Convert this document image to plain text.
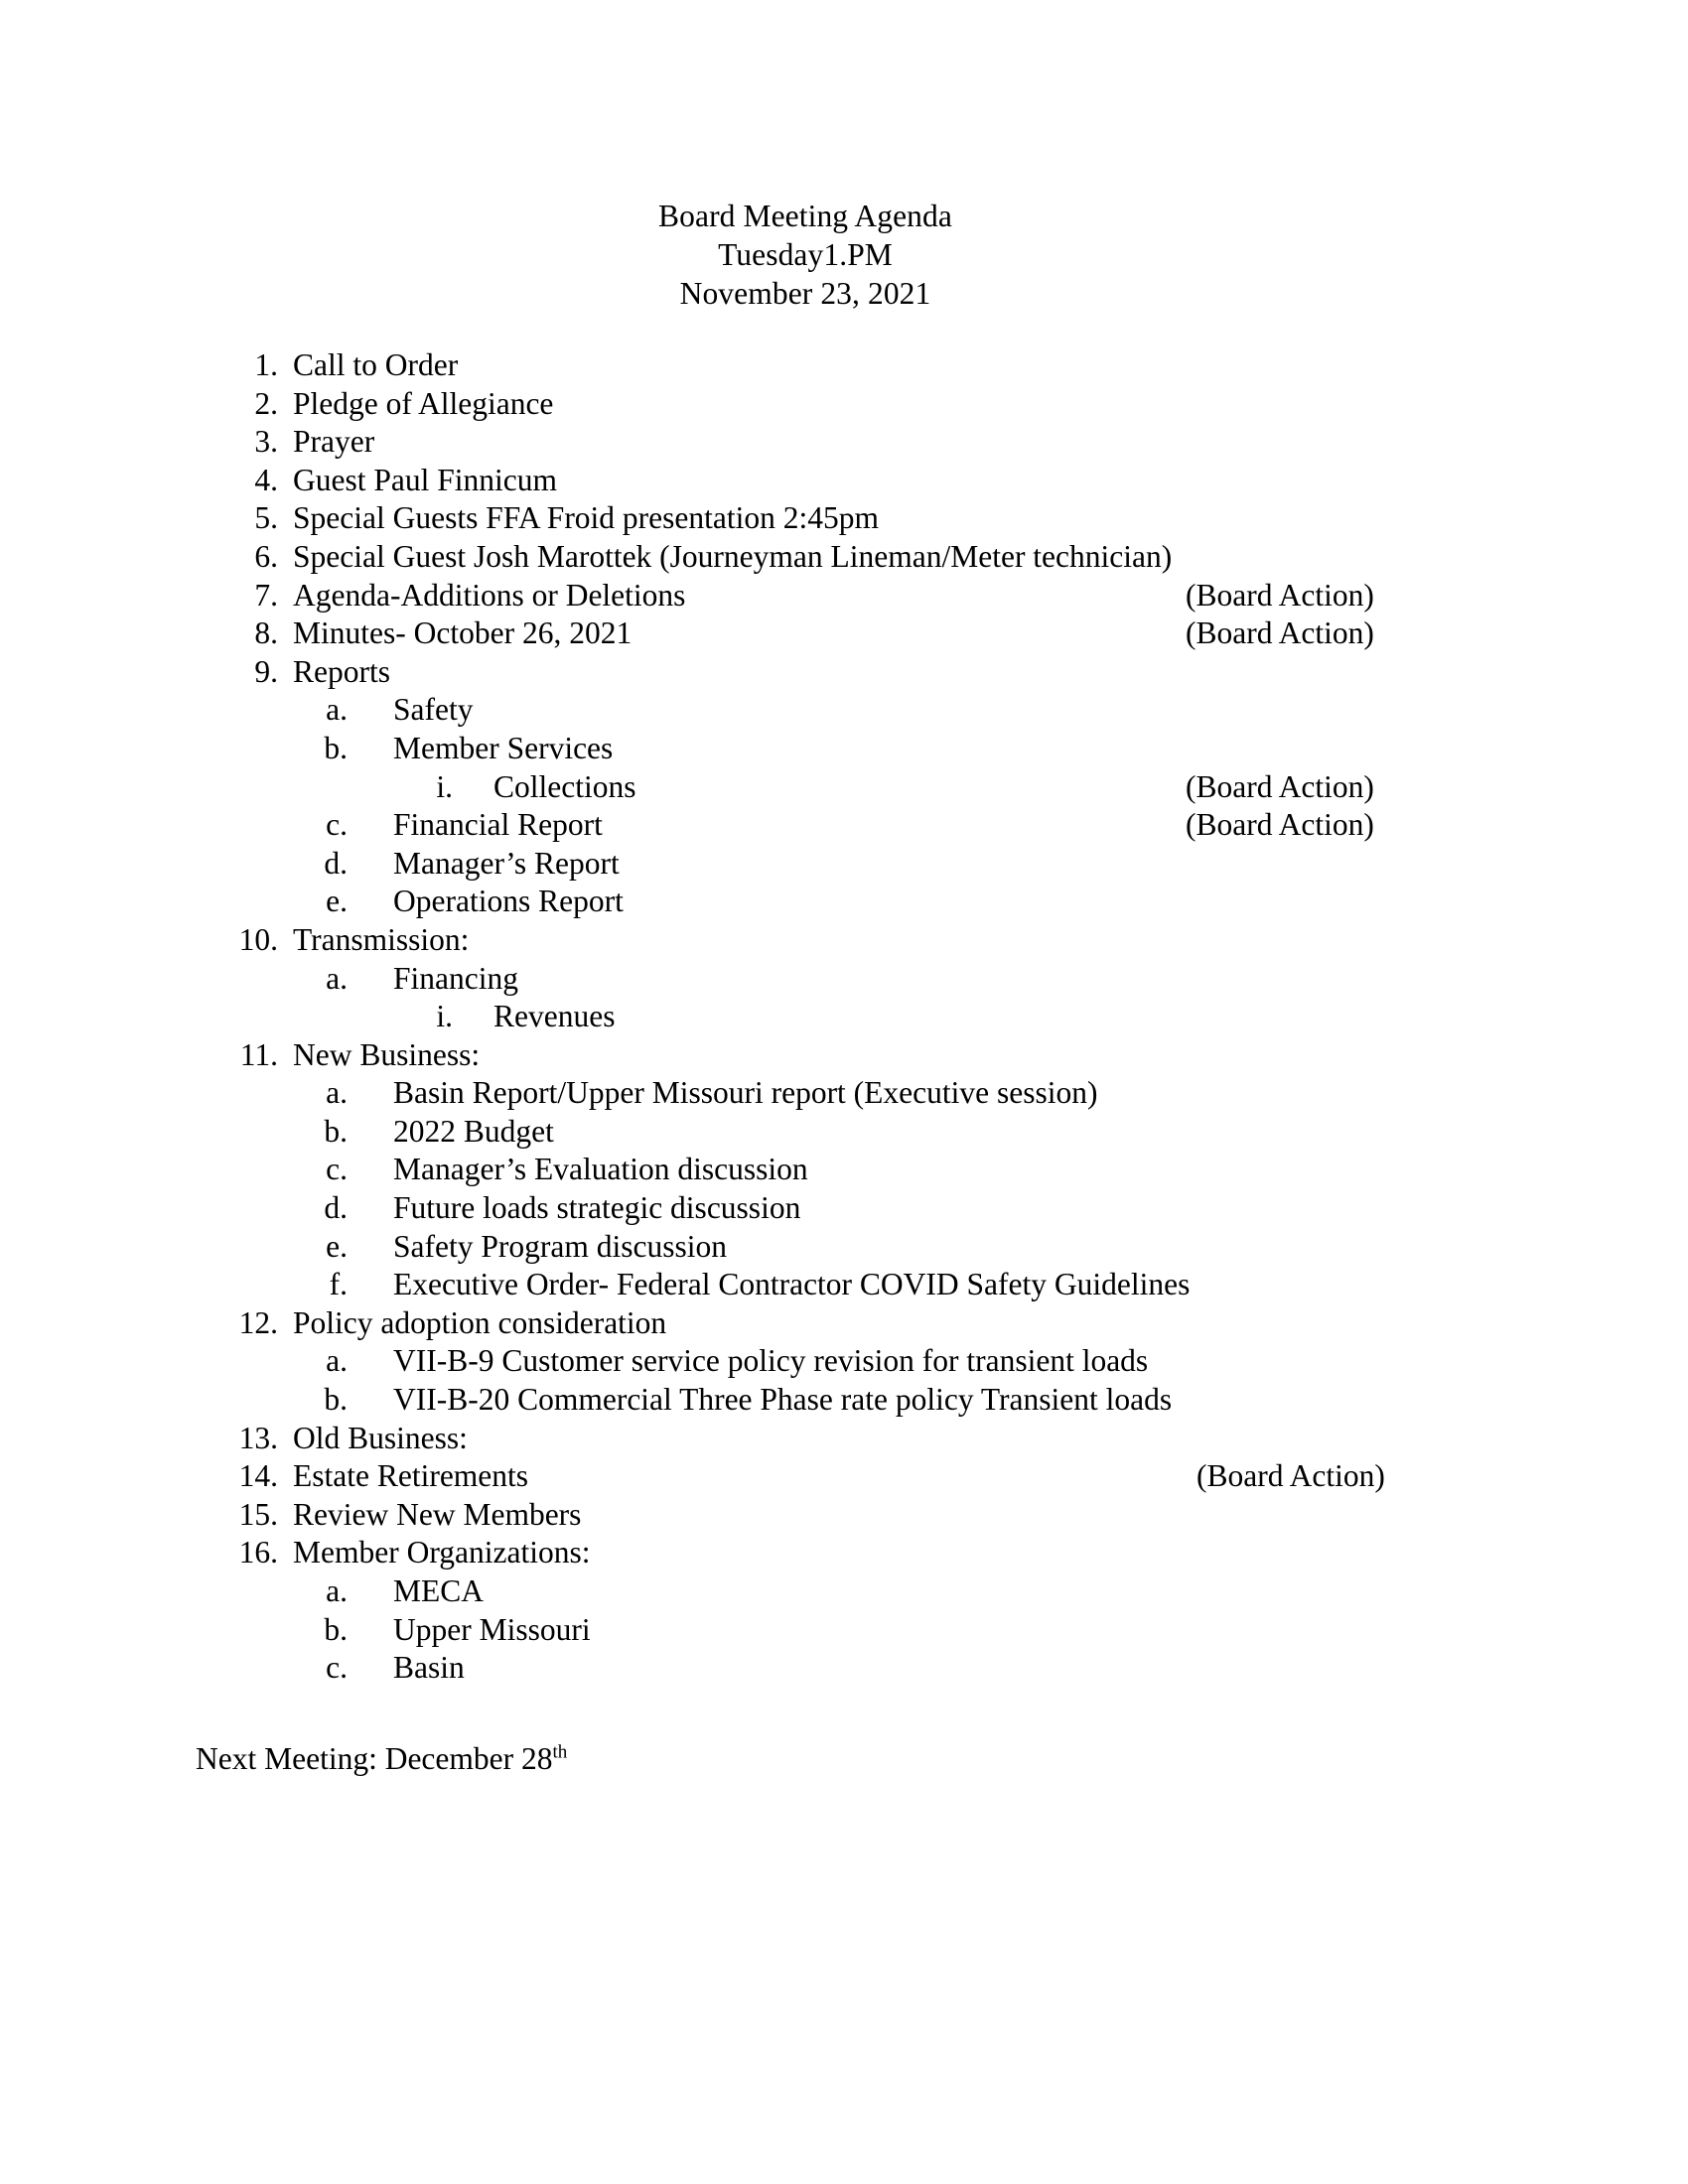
Board Meeting Agenda
Tuesday1.PM
November 23, 2021
1. Call to Order
2. Pledge of Allegiance
3. Prayer
4. Guest Paul Finnicum
5. Special Guests FFA Froid presentation 2:45pm
6. Special Guest Josh Marottek (Journeyman Lineman/Meter technician)
7. Agenda-Additions or Deletions	(Board Action)
8. Minutes- October 26, 2021	(Board Action)
9. Reports
a. Safety
b. Member Services
i. Collections	(Board Action)
c. Financial Report	(Board Action)
d. Manager’s Report
e. Operations Report
10. Transmission:
a. Financing
i. Revenues
11. New Business:
a. Basin Report/Upper Missouri report (Executive session)
b. 2022 Budget
c. Manager’s Evaluation discussion
d. Future loads strategic discussion
e. Safety Program discussion
f. Executive Order- Federal Contractor COVID Safety Guidelines
12. Policy adoption consideration
a. VII-B-9 Customer service policy revision for transient loads
b. VII-B-20 Commercial Three Phase rate policy Transient loads
13. Old Business:
14. Estate Retirements	(Board Action)
15. Review New Members
16. Member Organizations:
a. MECA
b. Upper Missouri
c. Basin
Next Meeting: December 28th
